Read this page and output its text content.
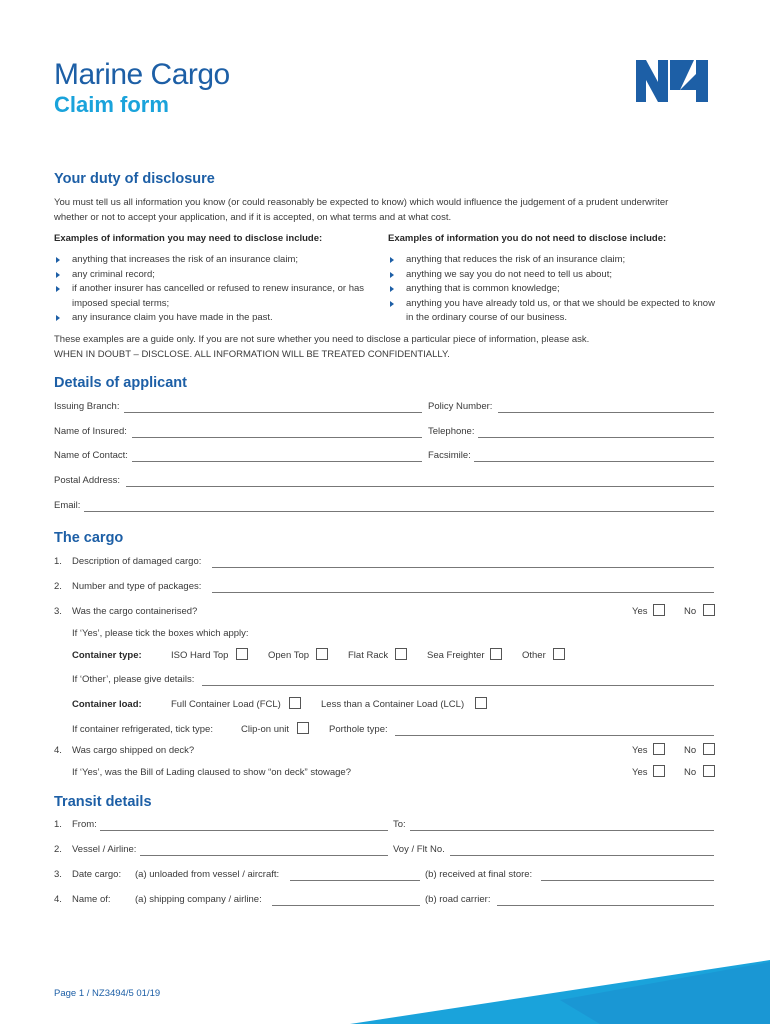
Marine Cargo
Claim form
Your duty of disclosure
You must tell us all information you know (or could reasonably be expected to know) which would influence the judgement of a prudent underwriter
whether or not to accept your application, and if it is accepted, on what terms and at what cost.
Examples of information you may need to disclose include:	Examples of information you do not need to disclose include:
anything that increases the risk of an insurance claim;
any criminal record;
if another insurer has cancelled or refused to renew insurance, or has imposed special terms;
any insurance claim you have made in the past.
anything that reduces the risk of an insurance claim;
anything we say you do not need to tell us about;
anything that is common knowledge;
anything you have already told us, or that we should be expected to know in the ordinary course of our business.
These examples are a guide only. If you are not sure whether you need to disclose a particular piece of information, please ask.
WHEN IN DOUBT – DISCLOSE. ALL INFORMATION WILL BE TREATED CONFIDENTIALLY.
Details of applicant
Issuing Branch:	Policy Number:
Name of Insured:	Telephone:
Name of Contact:	Facsimile:
Postal Address:
Email:
The cargo
1. Description of damaged cargo:
2. Number and type of packages:
3. Was the cargo containerised?	Yes	No
If ‘Yes’, please tick the boxes which apply:
Container type:	ISO Hard Top	Open Top	Flat Rack	Sea Freighter	Other
If ‘Other’, please give details:
Container load:	Full Container Load (FCL)	Less than a Container Load (LCL)
If container refrigerated, tick type:	Clip-on unit	Porthole type:
4. Was cargo shipped on deck?	Yes	No
If ‘Yes’, was the Bill of Lading claused to show “on deck” stowage?	Yes	No
Transit details
1. From:	To:
2. Vessel / Airline:	Voy / Flt No.
3. Date cargo: (a) unloaded from vessel / aircraft:	(b) received at final store:
4. Name of:	(a) shipping company / airline:	(b) road carrier:
Page 1 / NZ3494/5 01/19
